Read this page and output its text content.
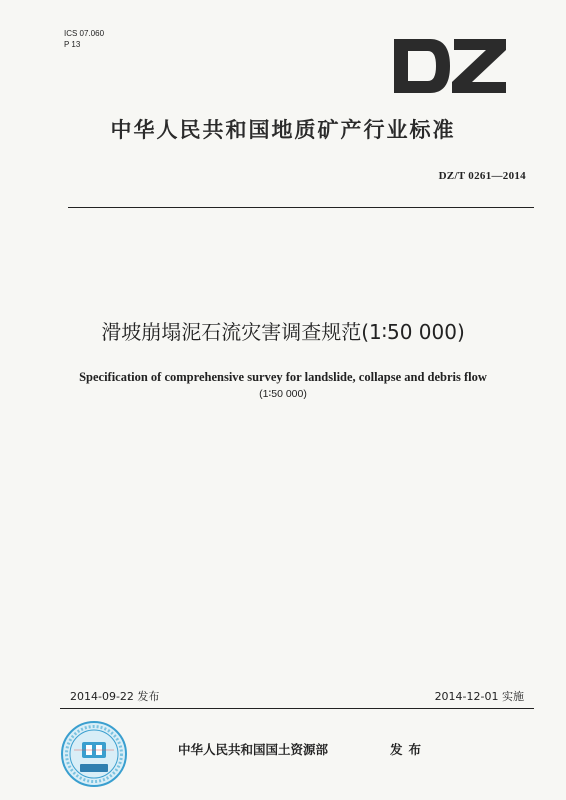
ICS 07.060
P 13
中华人民共和国地质矿产行业标准
DZ/T 0261—2014
滑坡崩塌泥石流灾害调查规范(1∶50 000)
Specification of comprehensive survey for landslide, collapse and debris flow
(1∶50 000)
2014-09-22 发布	2014-12-01 实施
中华人民共和国国土资源部	发布
